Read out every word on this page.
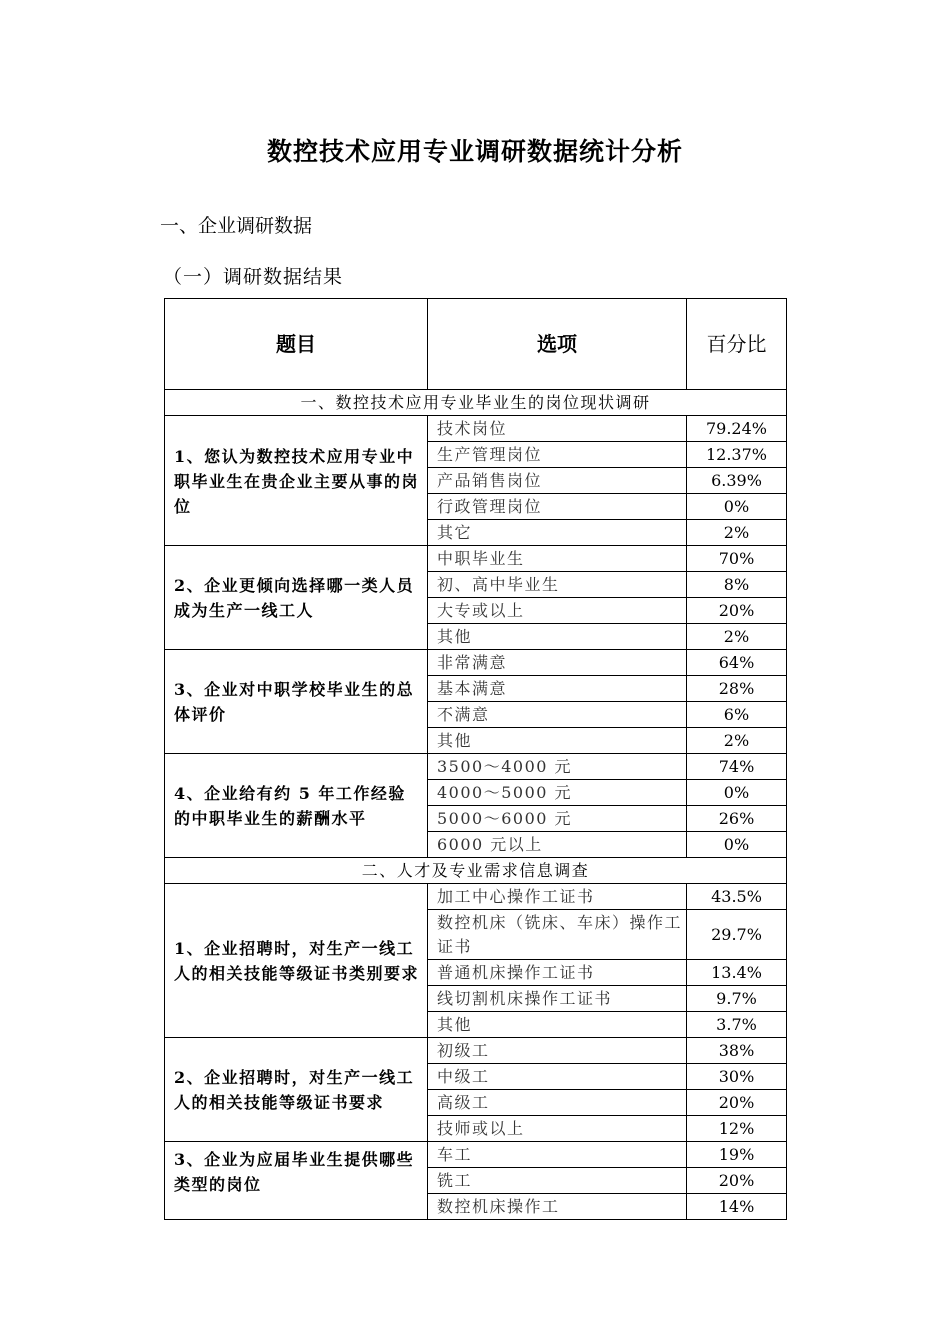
数控技术应用专业调研数据统计分析
一、企业调研数据
（一）调研数据结果
题目	选项	百分比
一、数控技术应用专业毕业生的岗位现状调研		
1、您认为数控技术应用专业中职毕业生在贵企业主要从事的岗位	技术岗位	79.24%
	生产管理岗位	12.37%
	产品销售岗位	6.39%
	行政管理岗位	0%
	其它	2%
2、企业更倾向选择哪一类人员成为生产一线工人	中职毕业生	70%
	初、高中毕业生	8%
	大专或以上	20%
	其他	2%
3、企业对中职学校毕业生的总体评价	非常满意	64%
	基本满意	28%
	不满意	6%
	其他	2%
4、企业给有约 5 年工作经验的中职毕业生的薪酬水平	3500～4000 元	74%
	4000～5000 元	0%
	5000～6000 元	26%
	6000 元以上	0%
二、人才及专业需求信息调查		
1、企业招聘时，对生产一线工人的相关技能等级证书类别要求	加工中心操作工证书	43.5%
	数控机床（铣床、车床）操作工证书	29.7%
	普通机床操作工证书	13.4%
	线切割机床操作工证书	9.7%
	其他	3.7%
2、企业招聘时，对生产一线工人的相关技能等级证书要求	初级工	38%
	中级工	30%
	高级工	20%
	技师或以上	12%
3、企业为应届毕业生提供哪些类型的岗位	车工	19%
	铣工	20%
	数控机床操作工	14%
